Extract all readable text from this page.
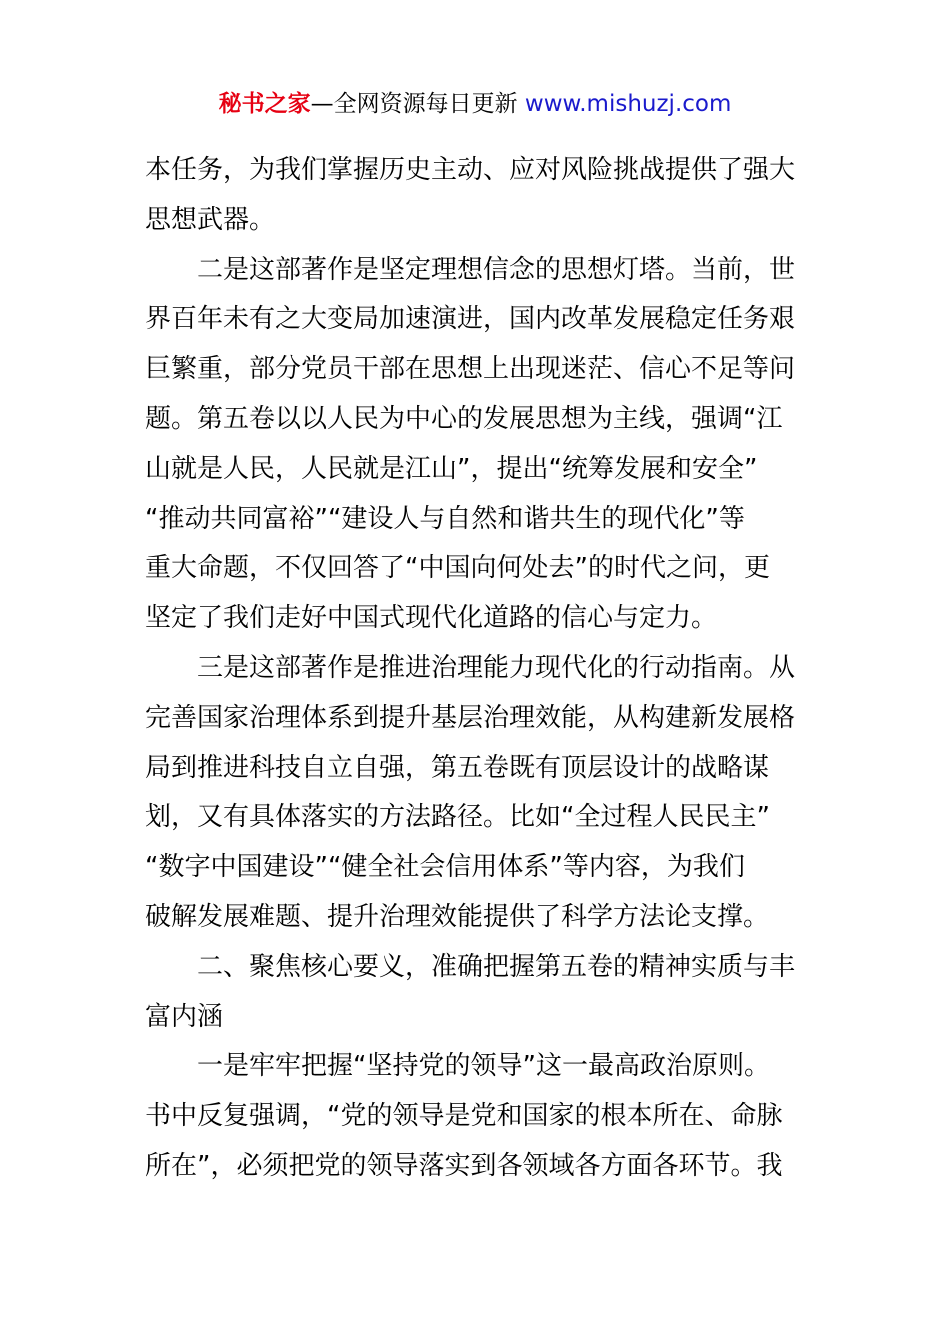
秘书之家—全网资源每日更新 www.mishuzj.com
本任务，为我们掌握历史主动、应对风险挑战提供了强大
思想武器。
二是这部著作是坚定理想信念的思想灯塔。当前，世
界百年未有之大变局加速演进，国内改革发展稳定任务艰
巨繁重，部分党员干部在思想上出现迷茫、信心不足等问
题。第五卷以以人民为中心的发展思想为主线，强调“江
山就是人民，人民就是江山”，提出“统筹发展和安全”
“推动共同富裕”“建设人与自然和谐共生的现代化”等
重大命题，不仅回答了“中国向何处去”的时代之问，更
坚定了我们走好中国式现代化道路的信心与定力。
三是这部著作是推进治理能力现代化的行动指南。从
完善国家治理体系到提升基层治理效能，从构建新发展格
局到推进科技自立自强，第五卷既有顶层设计的战略谋
划，又有具体落实的方法路径。比如“全过程人民民主”
“数字中国建设”“健全社会信用体系”等内容，为我们
破解发展难题、提升治理效能提供了科学方法论支撑。
二、聚焦核心要义，准确把握第五卷的精神实质与丰
富内涵
一是牢牢把握“坚持党的领导”这一最高政治原则。
书中反复强调，“党的领导是党和国家的根本所在、命脉
所在”，必须把党的领导落实到各领域各方面各环节。我
